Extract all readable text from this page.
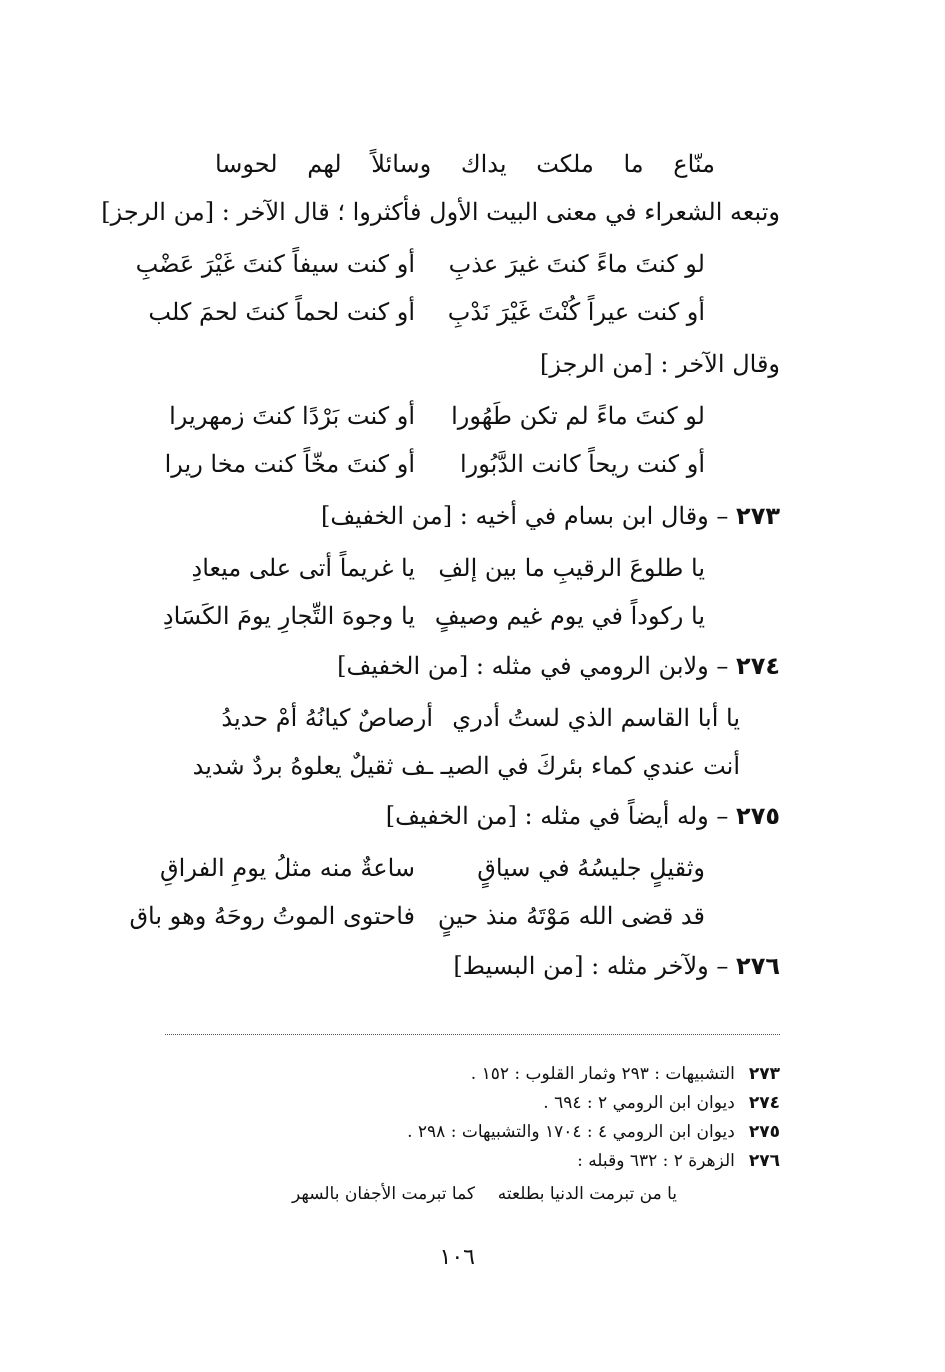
منّاع ما ملكت يداك وسائلاً لهم لحوسا
وتبعه الشعراء في معنى البيت الأول فأكثروا ؛ قال الآخر : [من الرجز]
لو كنتَ ماءً كنتَ غيرَ عذبِ
أو كنت سيفاً كنتَ غَيْرَ عَضْبِ
أو كنت عيراً كُنْتَ غَيْرَ نَدْبِ
أو كنت لحماً كنتَ لحمَ كلب
وقال الآخر : [من الرجز]
لو كنتَ ماءً لم تكن طَهُورا
أو كنت بَرْدًا كنتَ زمهريرا
أو كنت ريحاً كانت الدَّبُورا
أو كنتَ مخّاً كنت مخا ريرا
٢٧٣ – وقال ابن بسام في أخيه : [من الخفيف]
يا طلوعَ الرقيبِ ما بين إلفِ
يا غريماً أتى على ميعادِ
يا ركوداً في يوم غيم وصيفٍ
يا وجوهَ التِّجارِ يومَ الكَسَادِ
٢٧٤ – ولابن الرومي في مثله : [من الخفيف]
يا أبا القاسم الذي لستُ أدري
أرصاصٌ كيانُهُ أمْ حديدُ
أنت عندي كماء بئركَ في الصيـ
ـف ثقيلٌ يعلوهُ بردٌ شديد
٢٧٥ – وله أيضاً في مثله : [من الخفيف]
وثقيلٍ جليسُهُ في سياقٍ
ساعةٌ منه مثلُ يومِ الفراقِ
قد قضى الله مَوْتَهُ منذ حينٍ
فاحتوى الموتُ روحَهُ وهو باق
٢٧٦ – ولآخر مثله : [من البسيط]
٢٧٣التشبيهات : ٢٩٣ وثمار القلوب : ١٥٢ .
٢٧٤ديوان ابن الرومي ٢ : ٦٩٤ .
٢٧٥ديوان ابن الرومي ٤ : ١٧٠٤ والتشبيهات : ٢٩٨ .
٢٧٦الزهرة ٢ : ٦٣٢ وقبله :
يا من تبرمت الدنيا بطلعته
كما تبرمت الأجفان بالسهر
١٠٦
